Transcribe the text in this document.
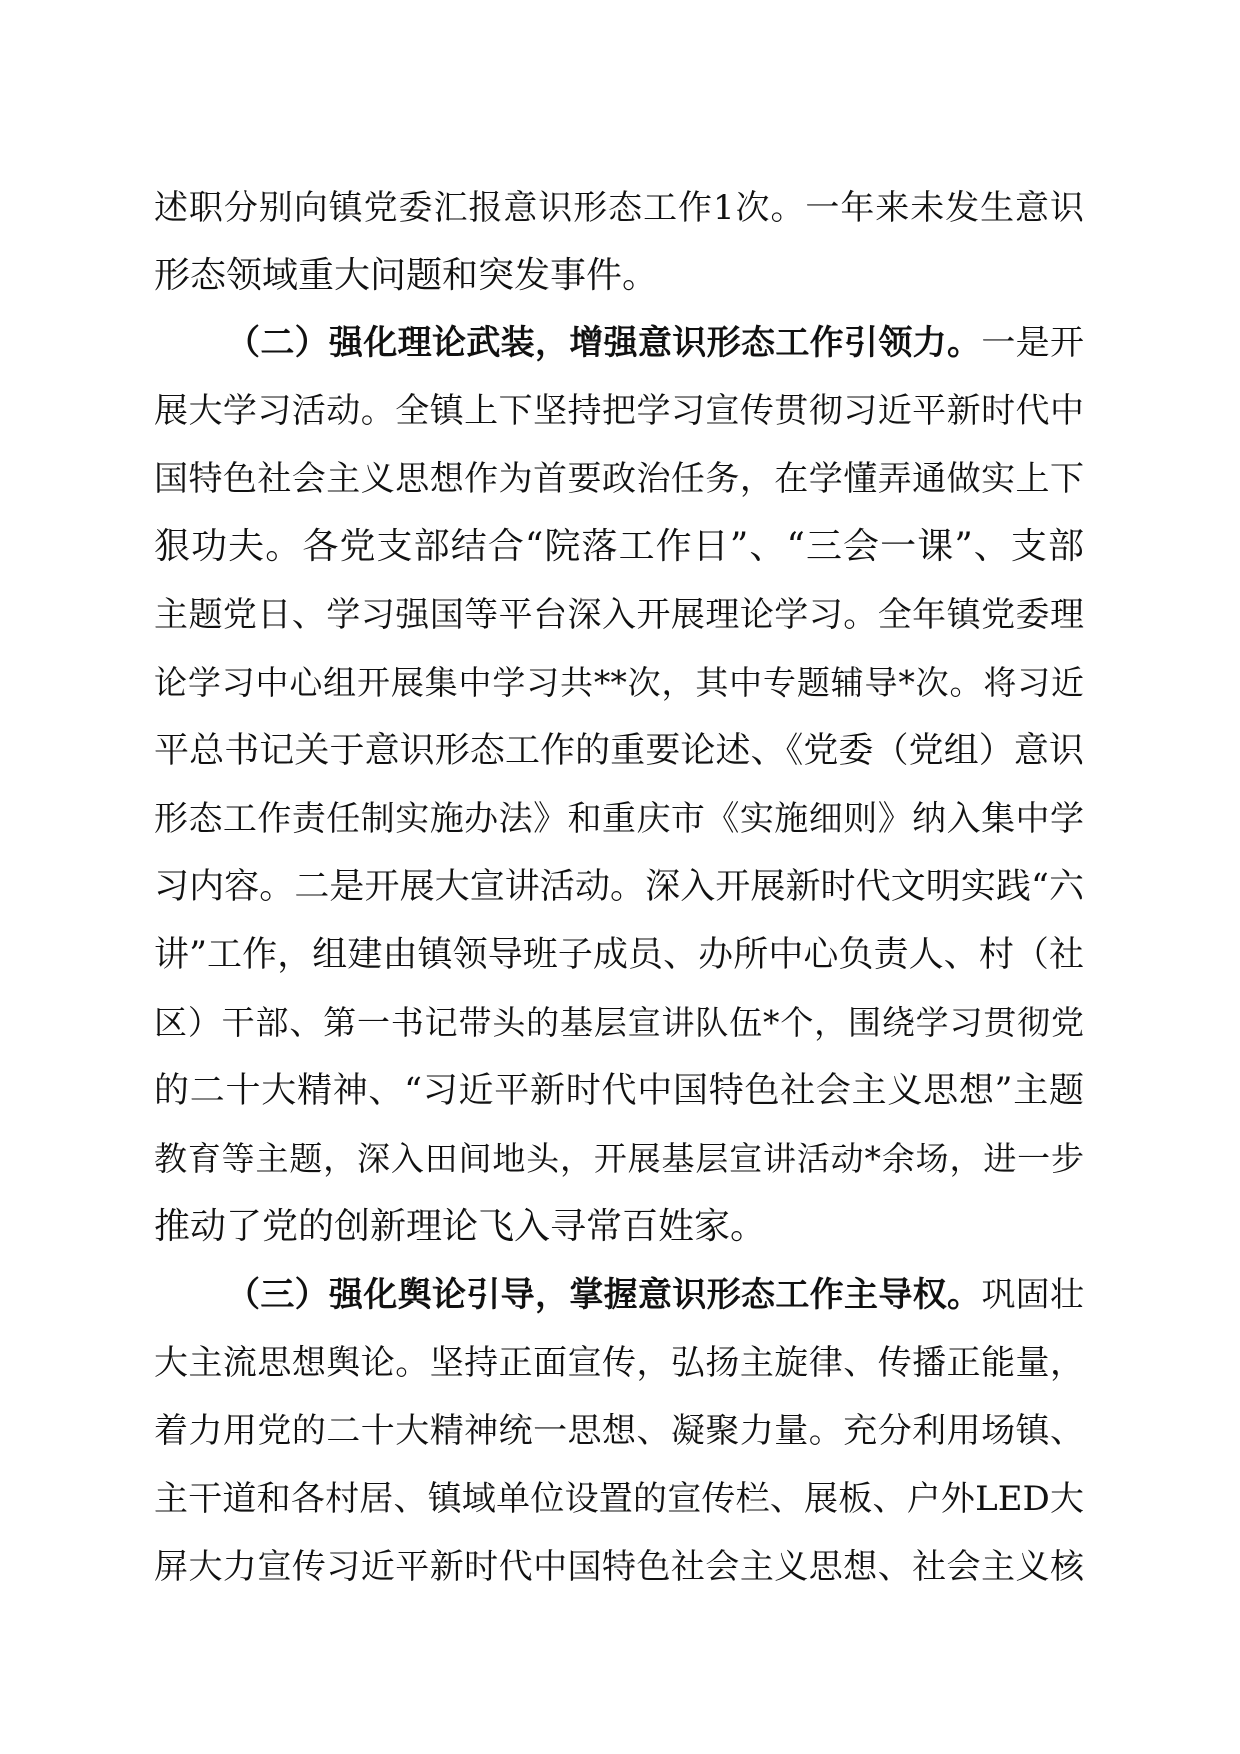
述职分别向镇党委汇报意识形态工作1次。一年来未发生意识
形态领域重大问题和突发事件。
（二）强化理论武装，增强意识形态工作引领力。一是开
展大学习活动。全镇上下坚持把学习宣传贯彻习近平新时代中
国特色社会主义思想作为首要政治任务，在学懂弄通做实上下
狠功夫。各党支部结合“院落工作日”、“三会一课”、支部
主题党日、学习强国等平台深入开展理论学习。全年镇党委理
论学习中心组开展集中学习共**次，其中专题辅导*次。将习近
平总书记关于意识形态工作的重要论述、《党委（党组）意识
形态工作责任制实施办法》和重庆市《实施细则》纳入集中学
习内容。二是开展大宣讲活动。深入开展新时代文明实践“六
讲”工作，组建由镇领导班子成员、办所中心负责人、村（社
区）干部、第一书记带头的基层宣讲队伍*个，围绕学习贯彻党
的二十大精神、“习近平新时代中国特色社会主义思想”主题
教育等主题，深入田间地头，开展基层宣讲活动*余场，进一步
推动了党的创新理论飞入寻常百姓家。
（三）强化舆论引导，掌握意识形态工作主导权。巩固壮
大主流思想舆论。坚持正面宣传，弘扬主旋律、传播正能量，
着力用党的二十大精神统一思想、凝聚力量。充分利用场镇、
主干道和各村居、镇域单位设置的宣传栏、展板、户外LED大
屏大力宣传习近平新时代中国特色社会主义思想、社会主义核
